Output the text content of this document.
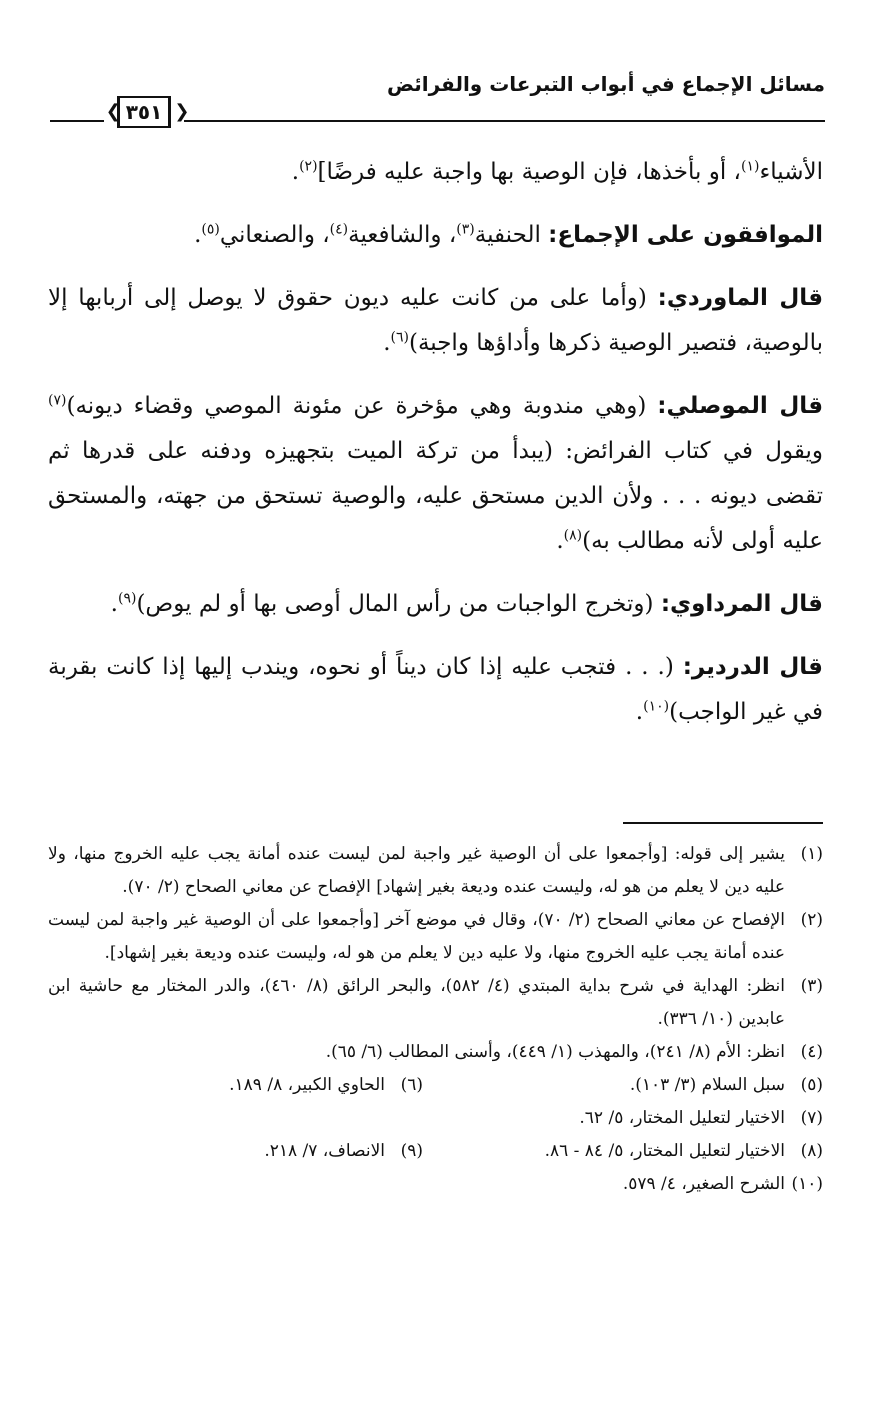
مسائل الإجماع في أبواب التبرعات والفرائض
❮ ٣٥١ ❯

الأشياء$^{(١)}$، أو بأخذها، فإن الوصية بها واجبة عليه فرضًا]$^{(٢)}$.

الموافقون على الإجماع: الحنفية$^{(٣)}$، والشافعية$^{(٤)}$، والصنعاني$^{(٥)}$.

قال الماوردي: (وأما على من كانت عليه ديون حقوق لا يوصل إلى أربابها إلا بالوصية، فتصير الوصية ذكرها وأداؤها واجبة)$^{(٦)}$.

قال الموصلي: (وهي مندوبة وهي مؤخرة عن مئونة الموصي وقضاء ديونه)$^{(٧)}$ ويقول في كتاب الفرائض: (يبدأ من تركة الميت بتجهيزه ودفنه على قدرها ثم تقضى ديونه . . . ولأن الدين مستحق عليه، والوصية تستحق من جهته، والمستحق عليه أولى لأنه مطالب به)$^{(٨)}$.

قال المرداوي: (وتخرج الواجبات من رأس المال أوصى بها أو لم يوص)$^{(٩)}$.

قال الدردير: (. . . فتجب عليه إذا كان ديناً أو نحوه، ويندب إليها إذا كانت بقربة في غير الواجب)$^{(١٠)}$.

(١)
يشير إلى قوله: [وأجمعوا على أن الوصية غير واجبة لمن ليست عنده أمانة يجب عليه الخروج منها، ولا عليه دين لا يعلم من هو له، وليست عنده وديعة بغير إشهاد] الإفصاح عن معاني الصحاح (٢/ ٧٠).
(٢)
الإفصاح عن معاني الصحاح (٢/ ٧٠)، وقال في موضع آخر [وأجمعوا على أن الوصية غير واجبة لمن ليست عنده أمانة يجب عليه الخروج منها، ولا عليه دين لا يعلم من هو له، وليست عنده وديعة بغير إشهاد].
(٣)
انظر: الهداية في شرح بداية المبتدي (٤/ ٥٨٢)، والبحر الرائق (٨/ ٤٦٠)، والدر المختار مع حاشية ابن عابدين (١٠/ ٣٣٦).
(٤)
انظر: الأم (٨/ ٢٤١)، والمهذب (١/ ٤٤٩)، وأسنى المطالب (٦/ ٦٥).
(٥)
سبل السلام (٣/ ١٠٣).
(٦)
الحاوي الكبير، ٨/ ١٨٩.
(٧)
الاختيار لتعليل المختار، ٥/ ٦٢.
(٨)
الاختيار لتعليل المختار، ٥/ ٨٤ - ٨٦.
(٩)
الانصاف، ٧/ ٢١٨.
(١٠)
الشرح الصغير، ٤/ ٥٧٩.
